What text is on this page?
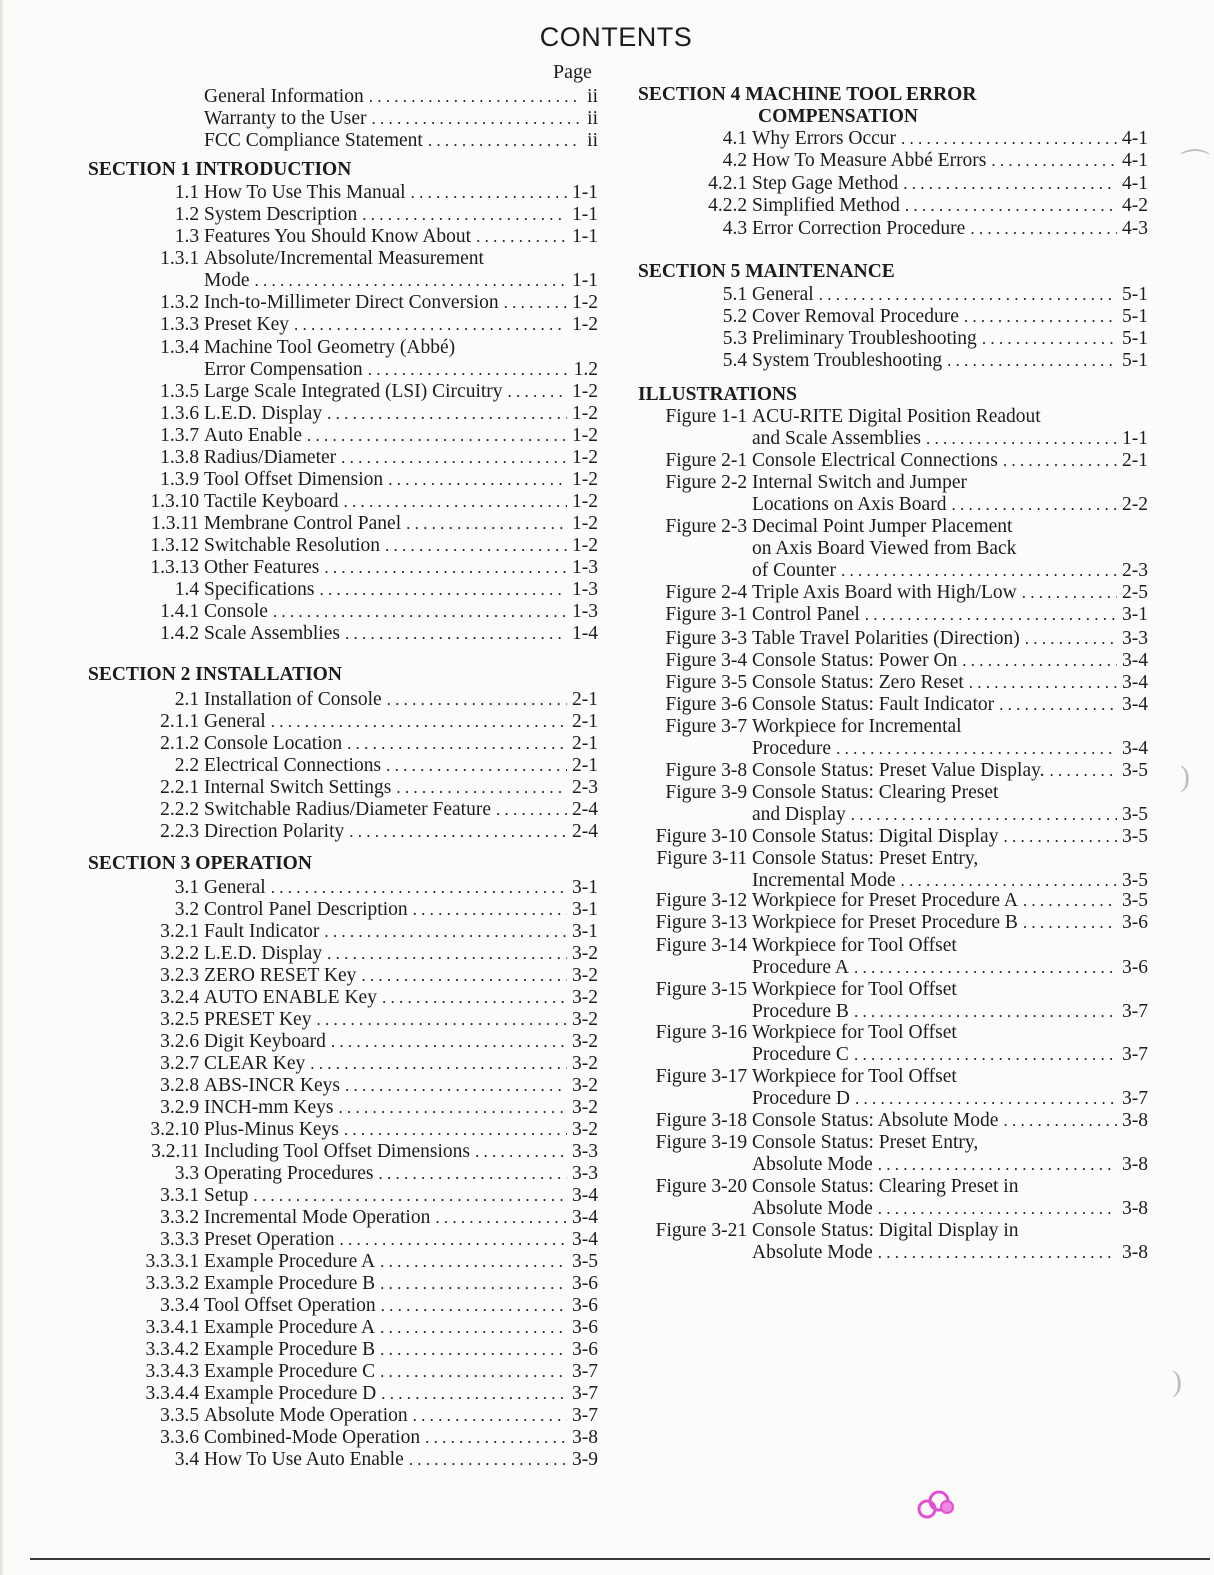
CONTENTS
Page
General Information . . .	ii
Warranty to the User . . .	ii
FCC Compliance Statement . . .	ii
SECTION 1 INTRODUCTION
1.1 How To Use This Manual . . .	1-1
1.2 System Description . . .	1-1
1.3 Features You Should Know About . . .	1-1
1.3.1 Absolute/Incremental Measurement
Mode . . .	1-1
1.3.2 Inch-to-Millimeter Direct Conversion . . .	1-2
1.3.3 Preset Key . . .	1-2
1.3.4 Machine Tool Geometry (Abbé)
Error Compensation . . .	1.2
1.3.5 Large Scale Integrated (LSI) Circuitry . . .	1-2
1.3.6 L.E.D. Display . . .	1-2
1.3.7 Auto Enable . . .	1-2
1.3.8 Radius/Diameter . . .	1-2
1.3.9 Tool Offset Dimension . . .	1-2
1.3.10 Tactile Keyboard . . .	1-2
1.3.11 Membrane Control Panel . . .	1-2
1.3.12 Switchable Resolution . . .	1-2
1.3.13 Other Features . . .	1-3
1.4 Specifications . . .	1-3
1.4.1 Console . . .	1-3
1.4.2 Scale Assemblies . . .	1-4
SECTION 2 INSTALLATION
2.1 Installation of Console . . .	2-1
2.1.1 General . . .	2-1
2.1.2 Console Location . . .	2-1
2.2 Electrical Connections . . .	2-1
2.2.1 Internal Switch Settings . . .	2-3
2.2.2 Switchable Radius/Diameter Feature . . .	2-4
2.2.3 Direction Polarity . . .	2-4
SECTION 3 OPERATION
3.1 General . . .	3-1
3.2 Control Panel Description . . .	3-1
3.2.1 Fault Indicator . . .	3-1
3.2.2 L.E.D. Display . . .	3-2
3.2.3 ZERO RESET Key . . .	3-2
3.2.4 AUTO ENABLE Key . . .	3-2
3.2.5 PRESET Key . . .	3-2
3.2.6 Digit Keyboard . . .	3-2
3.2.7 CLEAR Key . . .	3-2
3.2.8 ABS-INCR Keys . . .	3-2
3.2.9 INCH-mm Keys . . .	3-2
3.2.10 Plus-Minus Keys . . .	3-2
3.2.11 Including Tool Offset Dimensions . . .	3-3
3.3 Operating Procedures . . .	3-3
3.3.1 Setup . . .	3-4
3.3.2 Incremental Mode Operation . . .	3-4
3.3.3 Preset Operation . . .	3-4
3.3.3.1 Example Procedure A . . .	3-5
3.3.3.2 Example Procedure B . . .	3-6
3.3.4 Tool Offset Operation . . .	3-6
3.3.4.1 Example Procedure A . . .	3-6
3.3.4.2 Example Procedure B . . .	3-6
3.3.4.3 Example Procedure C . . .	3-7
3.3.4.4 Example Procedure D . . .	3-7
3.3.5 Absolute Mode Operation . . .	3-7
3.3.6 Combined-Mode Operation . . .	3-8
3.4 How To Use Auto Enable . . .	3-9
SECTION 4 MACHINE TOOL ERROR
COMPENSATION
4.1 Why Errors Occur . . .	4-1
4.2 How To Measure Abbé Errors . . .	4-1
4.2.1 Step Gage Method . . .	4-1
4.2.2 Simplified Method . . .	4-2
4.3 Error Correction Procedure . . .	4-3
SECTION 5 MAINTENANCE
5.1 General . . .	5-1
5.2 Cover Removal Procedure . . .	5-1
5.3 Preliminary Troubleshooting . . .	5-1
5.4 System Troubleshooting . . .	5-1
ILLUSTRATIONS
Figure 1-1 ACU-RITE Digital Position Readout
and Scale Assemblies . . .	1-1
Figure 2-1 Console Electrical Connections . . .	2-1
Figure 2-2 Internal Switch and Jumper
Locations on Axis Board . . .	2-2
Figure 2-3 Decimal Point Jumper Placement
on Axis Board Viewed from Back
of Counter . . .	2-3
Figure 2-4 Triple Axis Board with High/Low . . .	2-5
Figure 3-1 Control Panel . . .	3-1
Figure 3-3 Table Travel Polarities (Direction) . . .	3-3
Figure 3-4 Console Status: Power On . . .	3-4
Figure 3-5 Console Status: Zero Reset . . .	3-4
Figure 3-6 Console Status: Fault Indicator . . .	3-4
Figure 3-7 Workpiece for Incremental
Procedure . . .	3-4
Figure 3-8 Console Status: Preset Value Display. . . .	3-5
Figure 3-9 Console Status: Clearing Preset
and Display . . .	3-5
Figure 3-10 Console Status: Digital Display . . .	3-5
Figure 3-11 Console Status: Preset Entry,
Incremental Mode . . .	3-5
Figure 3-12 Workpiece for Preset Procedure A . . .	3-5
Figure 3-13 Workpiece for Preset Procedure B . . .	3-6
Figure 3-14 Workpiece for Tool Offset
Procedure A . . .	3-6
Figure 3-15 Workpiece for Tool Offset
Procedure B . . .	3-7
Figure 3-16 Workpiece for Tool Offset
Procedure C . . .	3-7
Figure 3-17 Workpiece for Tool Offset
Procedure D . . .	3-7
Figure 3-18 Console Status: Absolute Mode . . .	3-8
Figure 3-19 Console Status: Preset Entry,
Absolute Mode . . .	3-8
Figure 3-20 Console Status: Clearing Preset in
Absolute Mode . . .	3-8
Figure 3-21 Console Status: Digital Display in
Absolute Mode . . .	3-8
⌒
)
)
